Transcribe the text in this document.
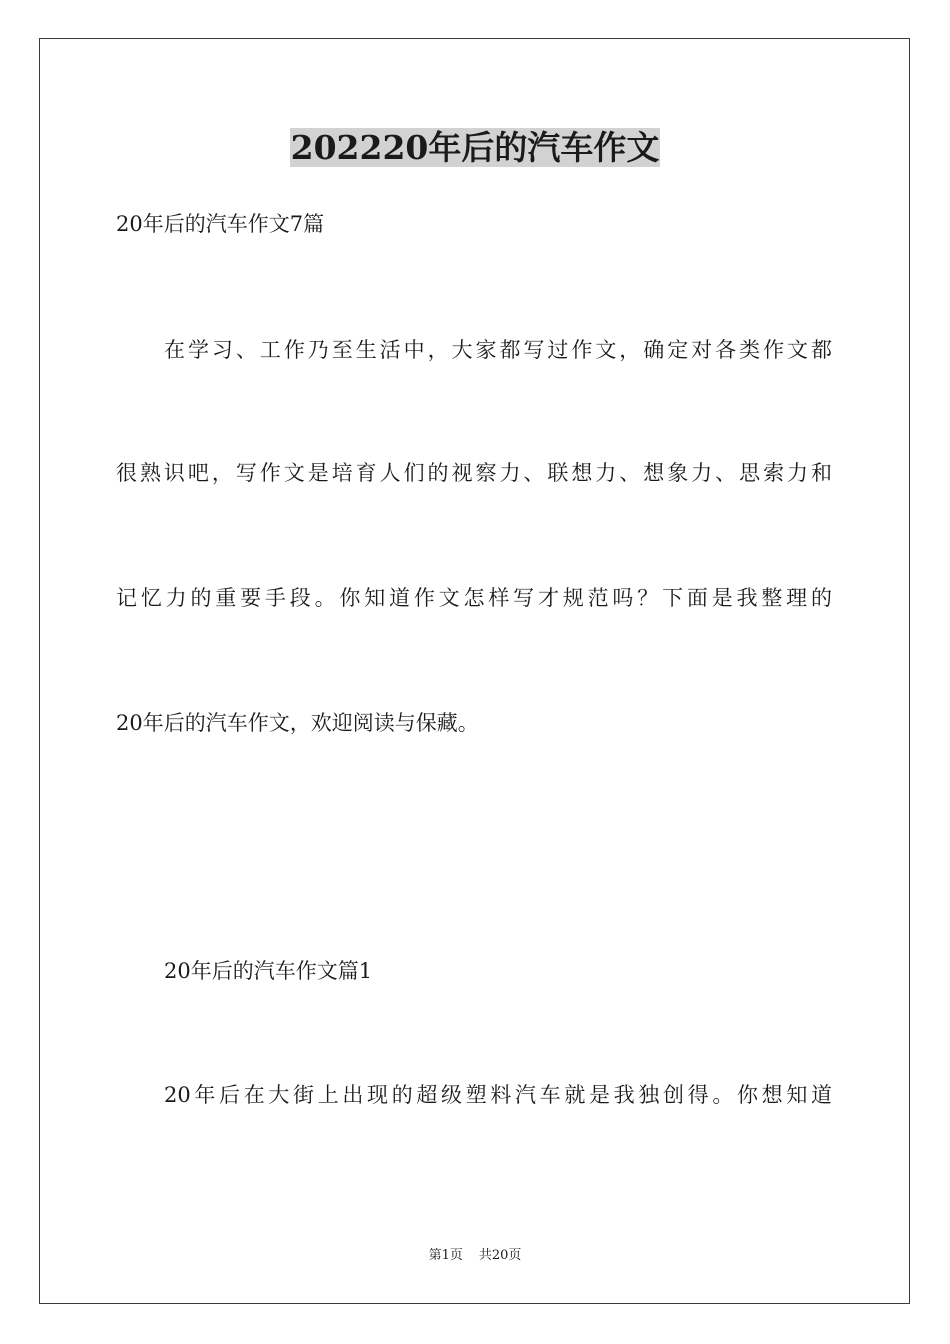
202220年后的汽车作文
20年后的汽车作文7篇
在学习、工作乃至生活中，大家都写过作文，确定对各类作文都
很熟识吧，写作文是培育人们的视察力、联想力、想象力、思索力和
记忆力的重要手段。你知道作文怎样写才规范吗？下面是我整理的
20年后的汽车作文，欢迎阅读与保藏。
20年后的汽车作文篇1
20年后在大街上出现的超级塑料汽车就是我独创得。你想知道
第1页 共20页
